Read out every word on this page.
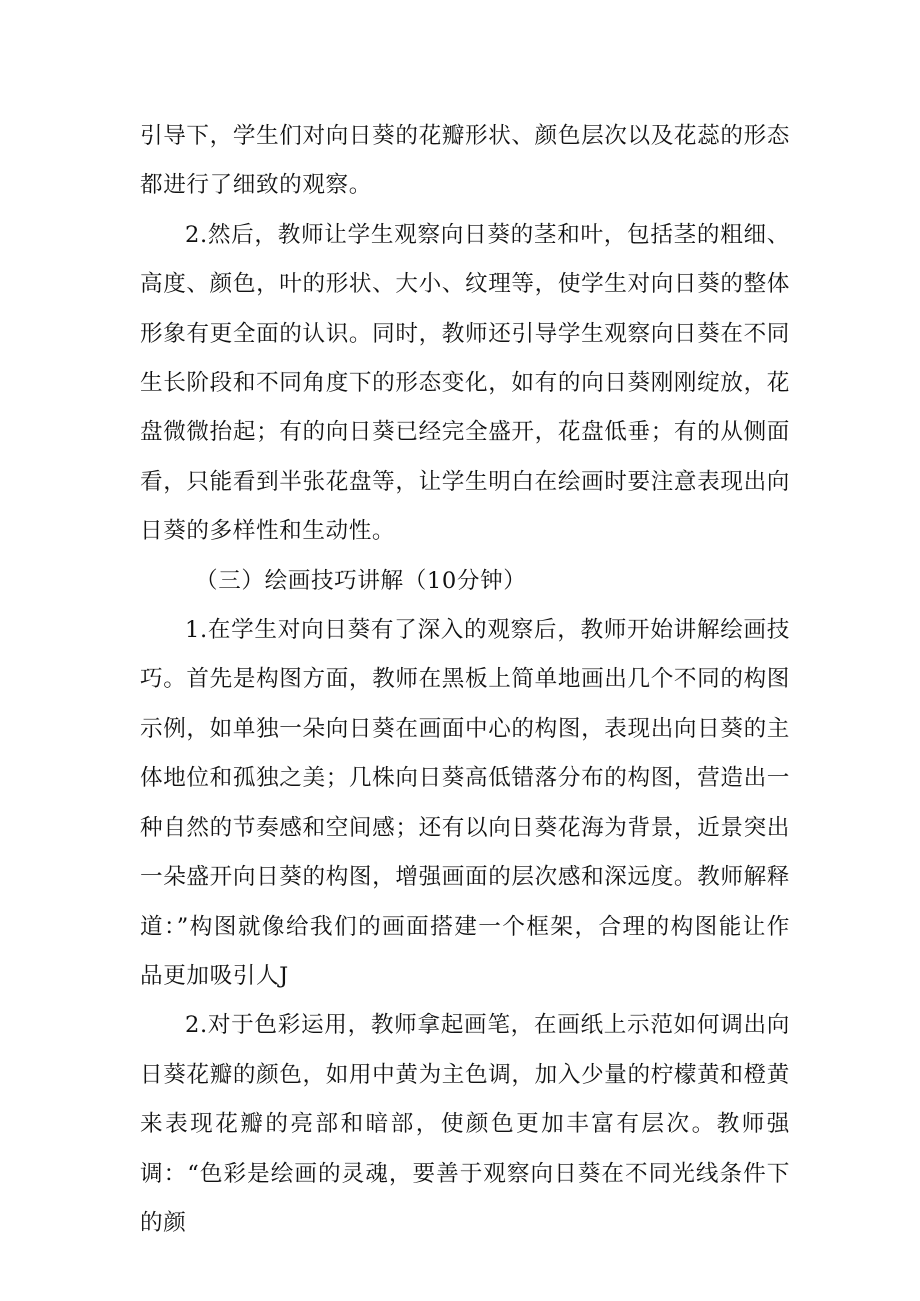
引导下，学生们对向日葵的花瓣形状、颜色层次以及花蕊的形态都进行了细致的观察。

2.然后，教师让学生观察向日葵的茎和叶，包括茎的粗细、高度、颜色，叶的形状、大小、纹理等，使学生对向日葵的整体形象有更全面的认识。同时，教师还引导学生观察向日葵在不同生长阶段和不同角度下的形态变化，如有的向日葵刚刚绽放，花盘微微抬起；有的向日葵已经完全盛开，花盘低垂；有的从侧面看，只能看到半张花盘等，让学生明白在绘画时要注意表现出向日葵的多样性和生动性。

（三）绘画技巧讲解（10分钟）

1.在学生对向日葵有了深入的观察后，教师开始讲解绘画技巧。首先是构图方面，教师在黑板上简单地画出几个不同的构图示例，如单独一朵向日葵在画面中心的构图，表现出向日葵的主体地位和孤独之美；几株向日葵高低错落分布的构图，营造出一种自然的节奏感和空间感；还有以向日葵花海为背景，近景突出一朵盛开向日葵的构图，增强画面的层次感和深远度。教师解释道：”构图就像给我们的画面搭建一个框架，合理的构图能让作品更加吸引人J

2.对于色彩运用，教师拿起画笔，在画纸上示范如何调出向日葵花瓣的颜色，如用中黄为主色调，加入少量的柠檬黄和橙黄来表现花瓣的亮部和暗部，使颜色更加丰富有层次。教师强调：“色彩是绘画的灵魂，要善于观察向日葵在不同光线条件下的颜
